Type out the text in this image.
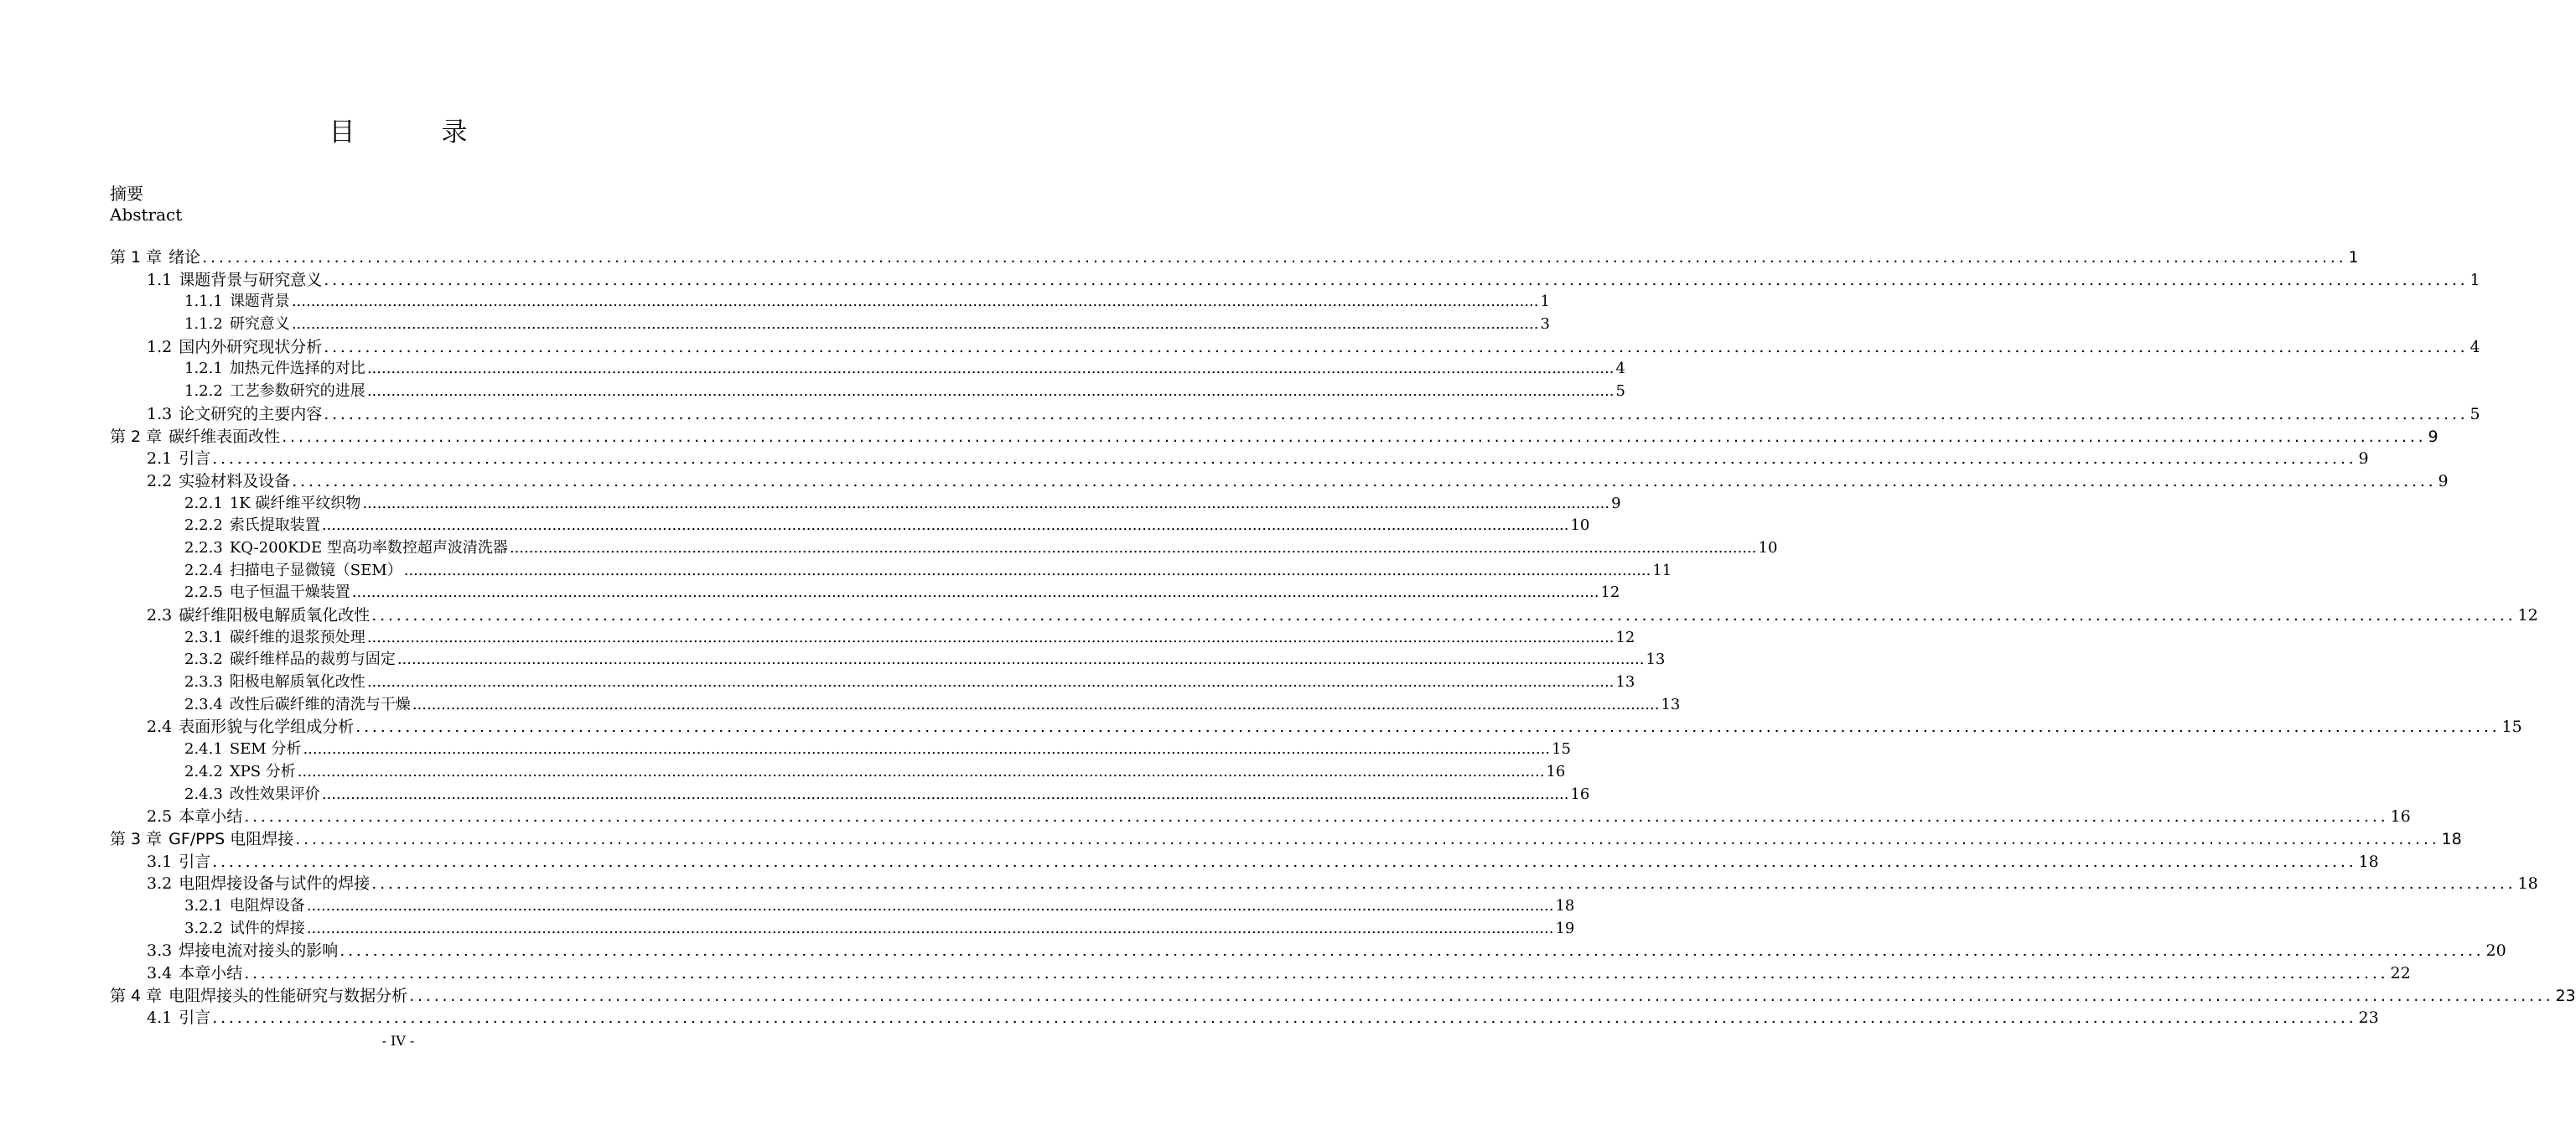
目　录
摘要
Abstract
第 1 章 绪论 .................................................................................................................................................................................................................................................................... 1
1.1 课题背景与研究意义 .................................................................................................................................................................................................................................................................... 1
1.1.1 课题背景 .................................................................................................................................................................................................................................................................... 1
1.1.2 研究意义 .................................................................................................................................................................................................................................................................... 3
1.2 国内外研究现状分析 .................................................................................................................................................................................................................................................................... 4
1.2.1 加热元件选择的对比 .................................................................................................................................................................................................................................................................... 4
1.2.2 工艺参数研究的进展 .................................................................................................................................................................................................................................................................... 5
1.3 论文研究的主要内容 .................................................................................................................................................................................................................................................................... 5
第 2 章 碳纤维表面改性 .................................................................................................................................................................................................................................................................... 9
2.1 引言 .................................................................................................................................................................................................................................................................... 9
2.2 实验材料及设备 .................................................................................................................................................................................................................................................................... 9
2.2.1 1K 碳纤维平纹织物 .................................................................................................................................................................................................................................................................... 9
2.2.2 索氏提取装置 .................................................................................................................................................................................................................................................................... 10
2.2.3 KQ-200KDE 型高功率数控超声波清洗器 .................................................................................................................................................................................................................................................................... 10
2.2.4 扫描电子显微镜（SEM） .................................................................................................................................................................................................................................................................... 11
2.2.5 电子恒温干燥装置 .................................................................................................................................................................................................................................................................... 12
2.3 碳纤维阳极电解质氧化改性 .................................................................................................................................................................................................................................................................... 12
2.3.1 碳纤维的退浆预处理 .................................................................................................................................................................................................................................................................... 12
2.3.2 碳纤维样品的裁剪与固定 .................................................................................................................................................................................................................................................................... 13
2.3.3 阳极电解质氧化改性 .................................................................................................................................................................................................................................................................... 13
2.3.4 改性后碳纤维的清洗与干燥 .................................................................................................................................................................................................................................................................... 13
2.4 表面形貌与化学组成分析 .................................................................................................................................................................................................................................................................... 15
2.4.1 SEM 分析 .................................................................................................................................................................................................................................................................... 15
2.4.2 XPS 分析 .................................................................................................................................................................................................................................................................... 16
2.4.3 改性效果评价 .................................................................................................................................................................................................................................................................... 16
2.5 本章小结 .................................................................................................................................................................................................................................................................... 16
第 3 章 GF/PPS 电阻焊接 .................................................................................................................................................................................................................................................................... 18
3.1 引言 .................................................................................................................................................................................................................................................................... 18
3.2 电阻焊接设备与试件的焊接 .................................................................................................................................................................................................................................................................... 18
3.2.1 电阻焊设备 .................................................................................................................................................................................................................................................................... 18
3.2.2 试件的焊接 .................................................................................................................................................................................................................................................................... 19
3.3 焊接电流对接头的影响 .................................................................................................................................................................................................................................................................... 20
3.4 本章小结 .................................................................................................................................................................................................................................................................... 22
第 4 章 电阻焊接头的性能研究与数据分析 .................................................................................................................................................................................................................................................................... 23
4.1 引言 .................................................................................................................................................................................................................................................................... 23
- IV -
